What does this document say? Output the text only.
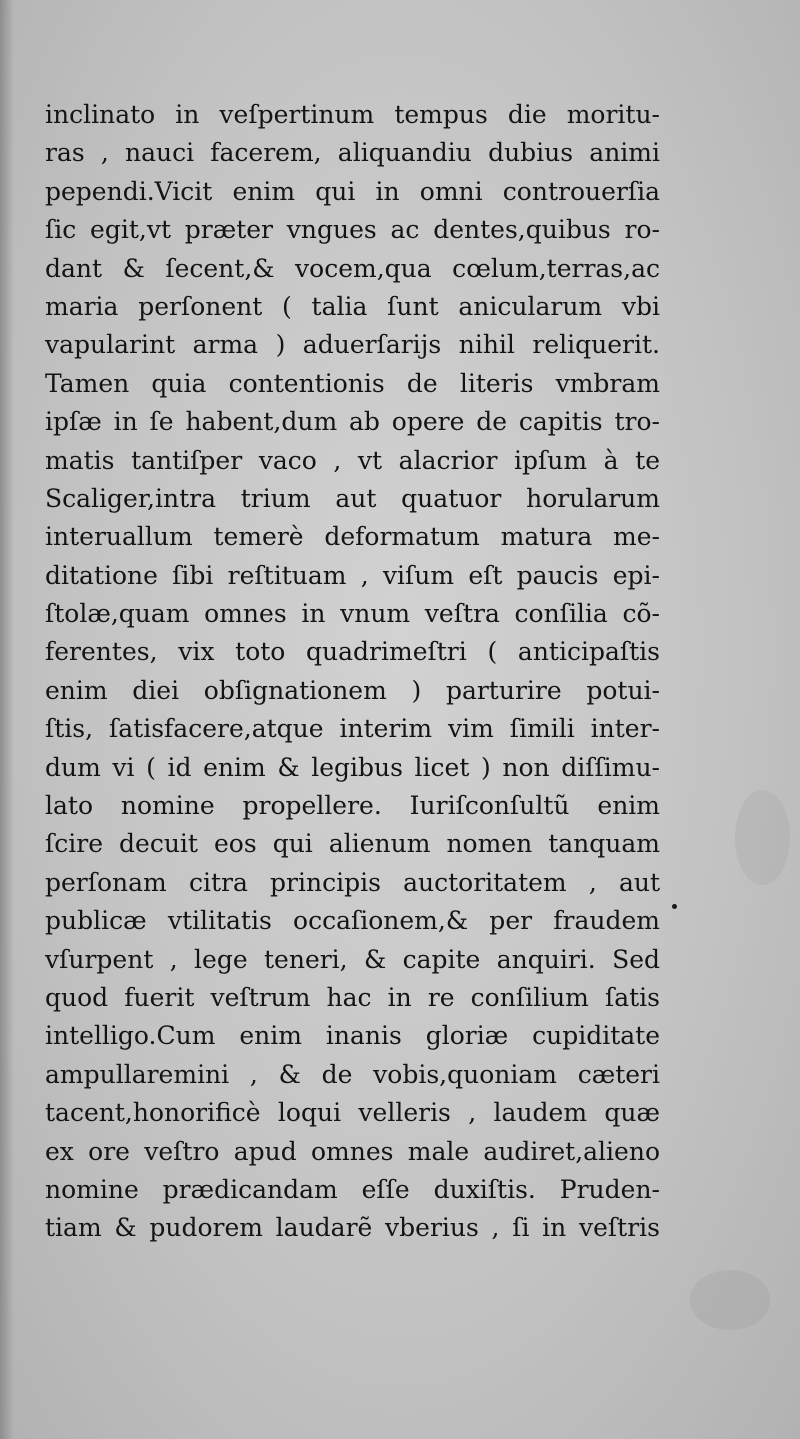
inclinato in veſpertinum tempus die moritu-
ras , nauci facerem, aliquandiu dubius animi
pependi.Vicit enim qui in omni controuerſia
ſic egit,vt præter vngues ac dentes,quibus ro-
dant & ſecent,& vocem,qua cœlum,terras,ac
maria perſonent ( talia ſunt anicularum vbi
vapularint arma ) aduerſarijs nihil reliquerit.
Tamen quia contentionis de literis vmbram
ipſæ in ſe habent,dum ab opere de capitis tro-
matis tantiſper vaco , vt alacrior ipſum à te
Scaliger,intra trium aut quatuor horularum
interuallum temerè deformatum matura me-
ditatione ſibi reſtituam , viſum eſt paucis epi-
ſtolæ,quam omnes in vnum veſtra conſilia cõ-
ferentes, vix toto quadrimeſtri ( anticipaſtis
enim diei obſignationem ) parturire potui-
ſtis, ſatisfacere,atque interim vim ſimili inter-
dum vi ( id enim & legibus licet ) non diſſimu-
lato nomine propellere. Iuriſconſultũ enim
ſcire decuit eos qui alienum nomen tanquam
perſonam citra principis auctoritatem , aut
publicæ vtilitatis occaſionem,& per fraudem
vſurpent , lege teneri, & capite anquiri. Sed
quod fuerit veſtrum hac in re conſilium ſatis
intelligo.Cum enim inanis gloriæ cupiditate
ampullaremini , & de vobis,quoniam cæteri
tacent,honorificè loqui velleris , laudem quæ
ex ore veſtro apud omnes male audiret,alieno
nomine prædicandam eſſe duxiſtis. Pruden-
tiam & pudorem laudarẽ vberius , ſi in veſtris
